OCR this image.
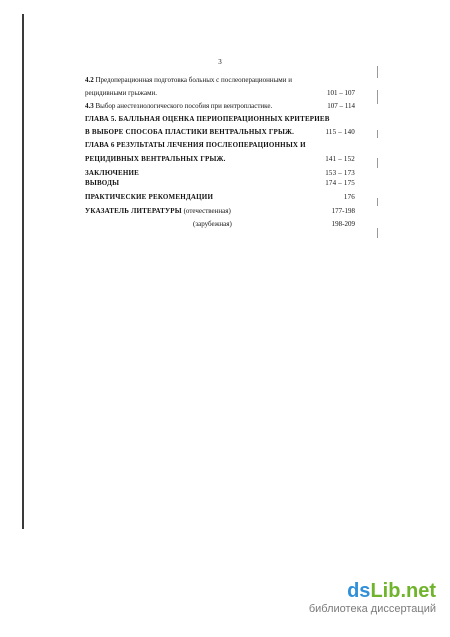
3
4.2 Предоперационная подготовка больных с послеоперационными и
рецидивными грыжами.	101 – 107
4.3 Выбор анестезиологического пособия при вентропластике.	107 – 114
ГЛАВА 5. БАЛЛЬНАЯ ОЦЕНКА ПЕРИОПЕРАЦИОННЫХ КРИТЕРИЕВ
В ВЫБОРЕ СПОСОБА ПЛАСТИКИ ВЕНТРАЛЬНЫХ ГРЫЖ.	115 – 140
ГЛАВА 6 РЕЗУЛЬТАТЫ ЛЕЧЕНИЯ ПОСЛЕОПЕРАЦИОННЫХ И
РЕЦИДИВНЫХ ВЕНТРАЛЬНЫХ ГРЫЖ.	141 – 152
ЗАКЛЮЧЕНИЕ	153 – 173
ВЫВОДЫ	174 – 175
ПРАКТИЧЕСКИЕ РЕКОМЕНДАЦИИ	176
УКАЗАТЕЛЬ ЛИТЕРАТУРЫ (отечественная)	177-198
(зарубежная)	198-209
dsLib.net
библиотека диссертаций
